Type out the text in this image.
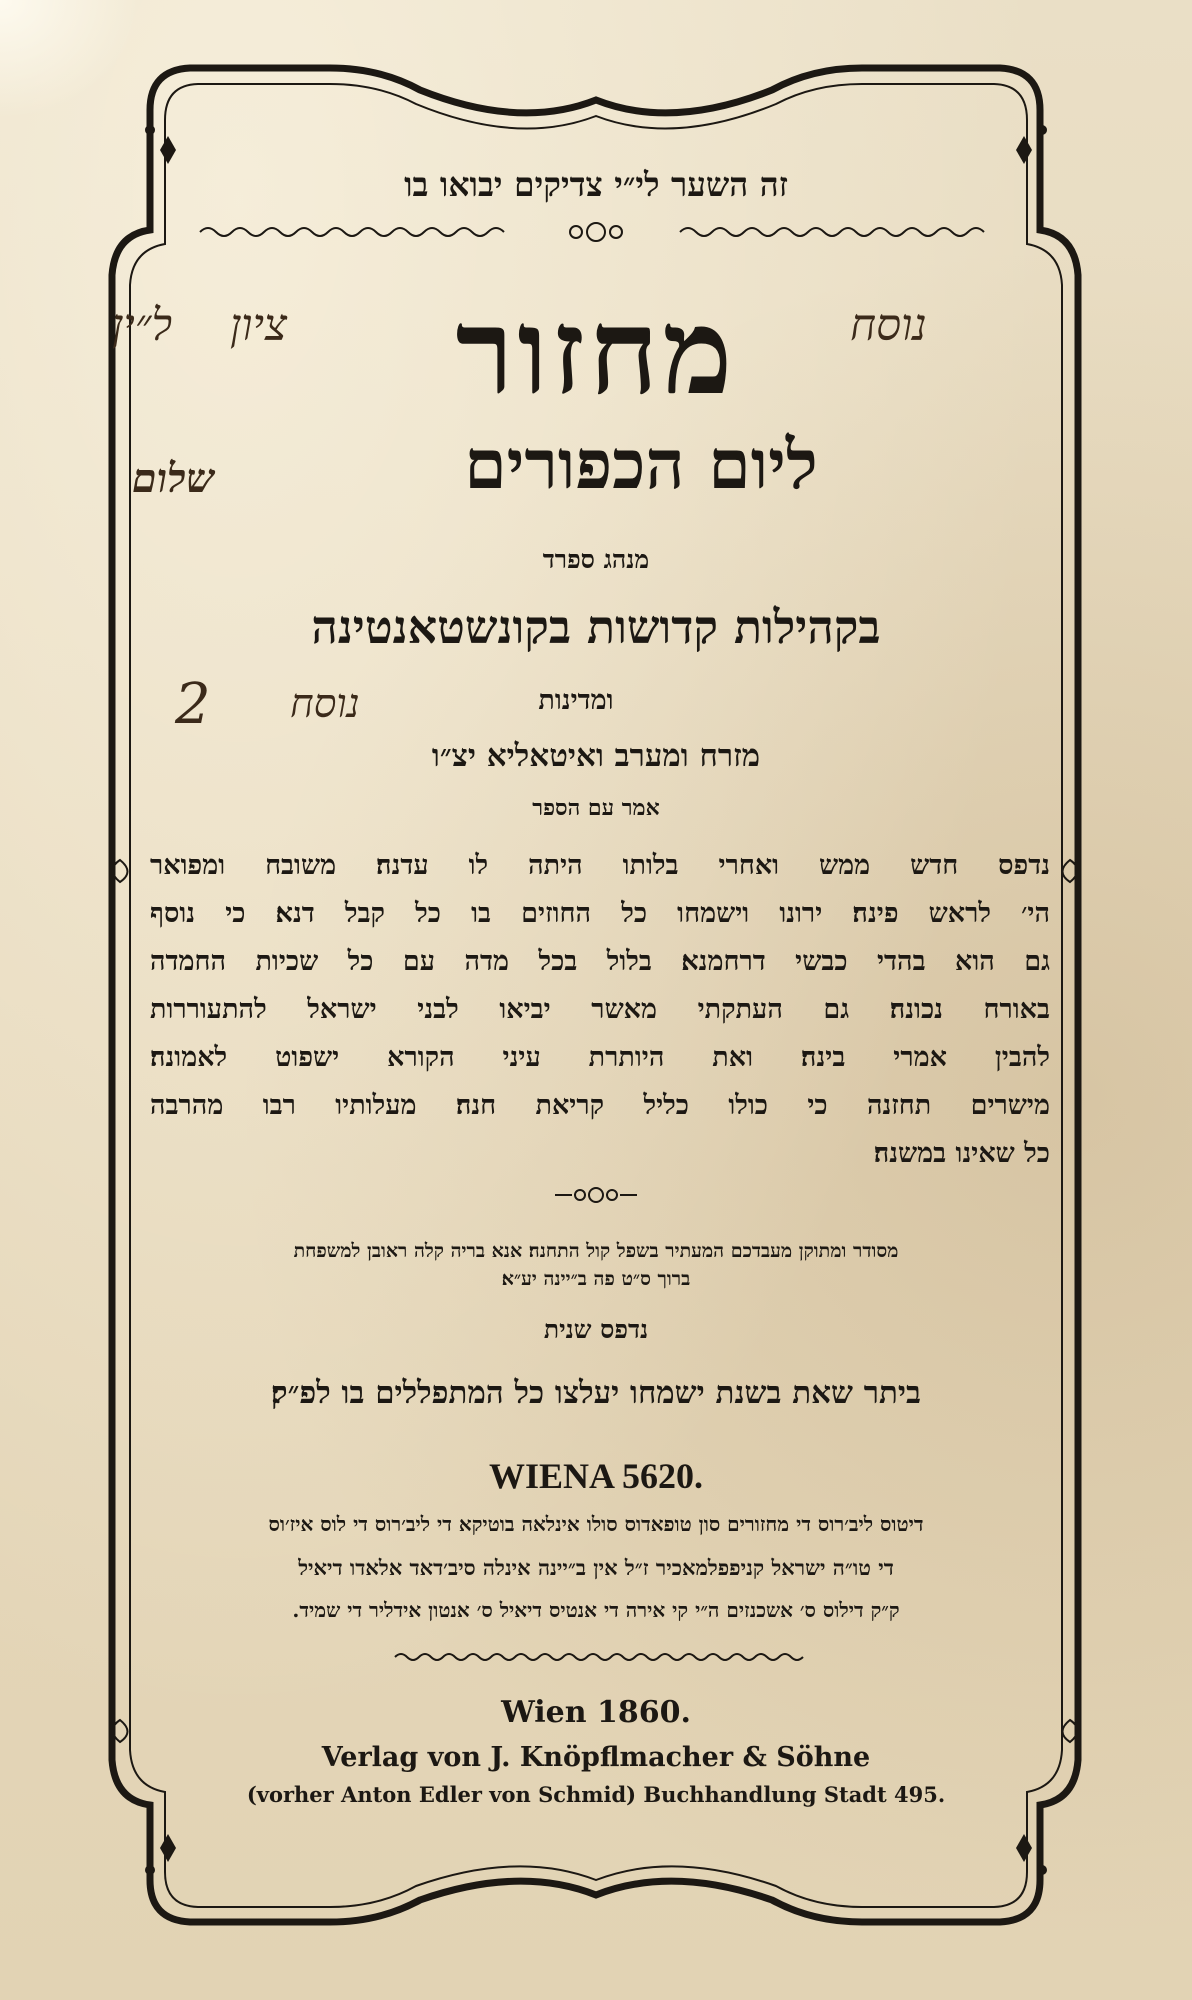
זה השער לי״י צדיקים יבואו בו
מחזור
ל״ין ציון	נוסח
ליום הכפורים
שלום
מנהג ספרד
בקהילות קדושות בקונשטאנטינה
ומדינות
2 נוסח
מזרח ומערב ואיטאליא יצ״ו
אמר עם הספר
נדפס חדש ממש ואחרי בלותו היתה לו עדנה׃ משובח ומפואר
הי׳ לראש פינה׃ ירונו וישמחו כל החוזים בו כל קבל דנא׃ כי נוסף
גם הוא בהדי כבשי דרחמנא׃ בלול בכל מדה עם כל שכיות החמדה
באורח נכונה׃ גם העתקתי מאשר יביאו לבני ישראל להתעוררות
להבין אמרי בינה׃ ואת היותרת עיני הקורא ישפוט לאמונה׃
מישרים תחזנה כי כולו כליל קריאת חנה׃ מעלותיו רבו מהרבה
כל שאינו במשנה׃
מסודר ומתוקן מעבדכם המעתיר בשפל קול התחנה׃ אנא בריה קלה ראובן למשפחת
ברוך ס״ט פה ב״יינה יע״א׃
נדפס שנית
ביתר שאת בשנת ישמחו יעלצו כל המתפללים בו לפ״ק׃
WIENA 5620.
דיטוס ליב׳רוס די מחזורים סון טופאדוס סולו אינלאה בוטיקא די ליב׳רוס די לוס איז׳וס
די טו״ה ישראל קניפפלמאכיר ז״ל אין ב״יינה אינלה סיב׳דאד אלאדו דיאיל
ק״ק דילוס ס׳ אשכנזים ה״י קי אירה די אנטיס דיאיל ס׳ אנטון אידליר די שמיד.
Wien 1860.
Verlag von J. Knöpflmacher & Söhne
(vorher Anton Edler von Schmid) Buchhandlung Stadt 495.
